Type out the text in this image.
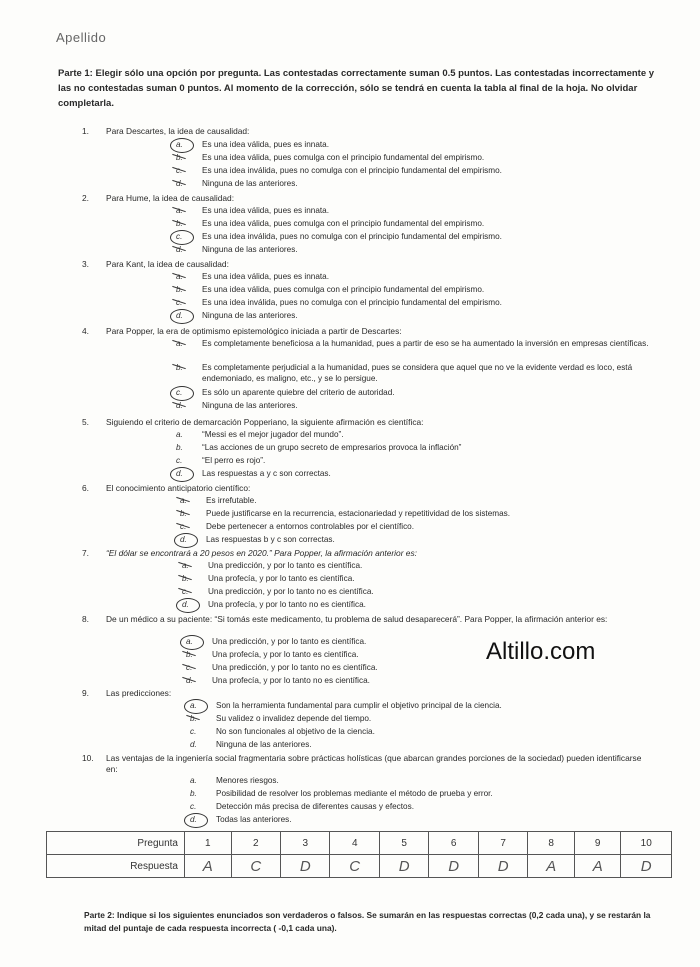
Apellido
Parte 1: Elegir sólo una opción por pregunta. Las contestadas correctamente suman 0.5 puntos. Las contestadas incorrectamente y las no contestadas suman 0 puntos. Al momento de la corrección, sólo se tendrá en cuenta la tabla al final de la hoja. No olvidar completarla.
1.	Para Descartes, la idea de causalidad:
a.	Es una idea válida, pues es innata.
b.	Es una idea válida, pues comulga con el principio fundamental del empirismo.
c.	Es una idea inválida, pues no comulga con el principio fundamental del empirismo.
d.	Ninguna de las anteriores.
2.	Para Hume, la idea de causalidad:
a.	Es una idea válida, pues es innata.
b.	Es una idea válida, pues comulga con el principio fundamental del empirismo.
c.	Es una idea inválida, pues no comulga con el principio fundamental del empirismo.
d.	Ninguna de las anteriores.
3.	Para Kant, la idea de causalidad:
a.	Es una idea válida, pues es innata.
b.	Es una idea válida, pues comulga con el principio fundamental del empirismo.
c.	Es una idea inválida, pues no comulga con el principio fundamental del empirismo.
d.	Ninguna de las anteriores.
4.	Para Popper, la era de optimismo epistemológico iniciada a partir de Descartes:
a.	Es completamente beneficiosa a la humanidad, pues a partir de eso se ha aumentado la inversión en empresas científicas.
b.	Es completamente perjudicial a la humanidad, pues se considera que aquel que no ve la evidente verdad es loco, está endemoniado, es maligno, etc., y se lo persigue.
c.	Es sólo un aparente quiebre del criterio de autoridad.
d.	Ninguna de las anteriores.
5.	Siguiendo el criterio de demarcación Popperiano, la siguiente afirmación es científica:
a.	“Messi es el mejor jugador del mundo”.
b.	“Las acciones de un grupo secreto de empresarios provoca la inflación”
c.	“El perro es rojo”.
d.	Las respuestas a y c son correctas.
6.	El conocimiento anticipatorio científico:
a.	Es irrefutable.
b.	Puede justificarse en la recurrencia, estacionariedad y repetitividad de los sistemas.
c.	Debe pertenecer a entornos controlables por el científico.
d.	Las respuestas b y c son correctas.
7.	“El dólar se encontrará a 20 pesos en 2020.” Para Popper, la afirmación anterior es:
a.	Una predicción, y por lo tanto es científica.
b.	Una profecía, y por lo tanto es científica.
c.	Una predicción, y por lo tanto no es científica.
d.	Una profecía, y por lo tanto no es científica.
8.	De un médico a su paciente: “Si tomás este medicamento, tu problema de salud desaparecerá”. Para Popper, la afirmación anterior es:
a.	Una predicción, y por lo tanto es científica.
b.	Una profecía, y por lo tanto es científica.
c.	Una predicción, y por lo tanto no es científica.
d.	Una profecía, y por lo tanto no es científica.
Altillo.com
9.	Las predicciones:
a.	Son la herramienta fundamental para cumplir el objetivo principal de la ciencia.
b.	Su validez o invalidez depende del tiempo.
c.	No son funcionales al objetivo de la ciencia.
d.	Ninguna de las anteriores.
10.	Las ventajas de la ingeniería social fragmentaria sobre prácticas holísticas (que abarcan grandes porciones de la sociedad) pueden identificarse en:
a.	Menores riesgos.
b.	Posibilidad de resolver los problemas mediante el método de prueba y error.
c.	Detección más precisa de diferentes causas y efectos.
d.	Todas las anteriores.
Pregunta	1	2	3	4	5	6	7	8	9	10
Respuesta	A	C	D	C	D	D	D	A	A	D
Parte 2: Indique si los siguientes enunciados son verdaderos o falsos. Se sumarán en las respuestas correctas (0,2 cada una), y se restarán la mitad del puntaje de cada respuesta incorrecta ( -0,1 cada una).
